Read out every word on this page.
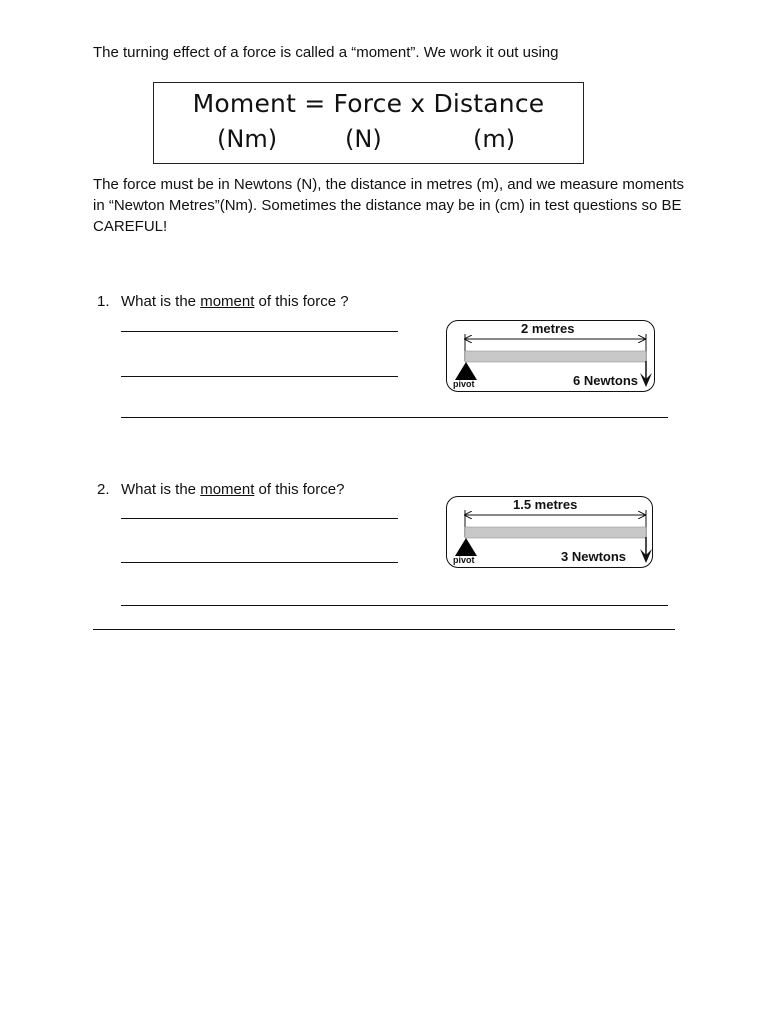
The turning effect of a force is called a “moment”. We work it out using
Moment = Force x Distance
(Nm)	(N)	(m)
The force must be in Newtons (N), the distance in metres (m), and we measure moments in “Newton Metres”(Nm). Sometimes the distance may be in (cm) in test questions so BE CAREFUL!
1. What is the moment of this force ?
2 metres
6 Newtons
pivot
2. What is the moment of this force?
1.5 metres
3 Newtons
pivot
